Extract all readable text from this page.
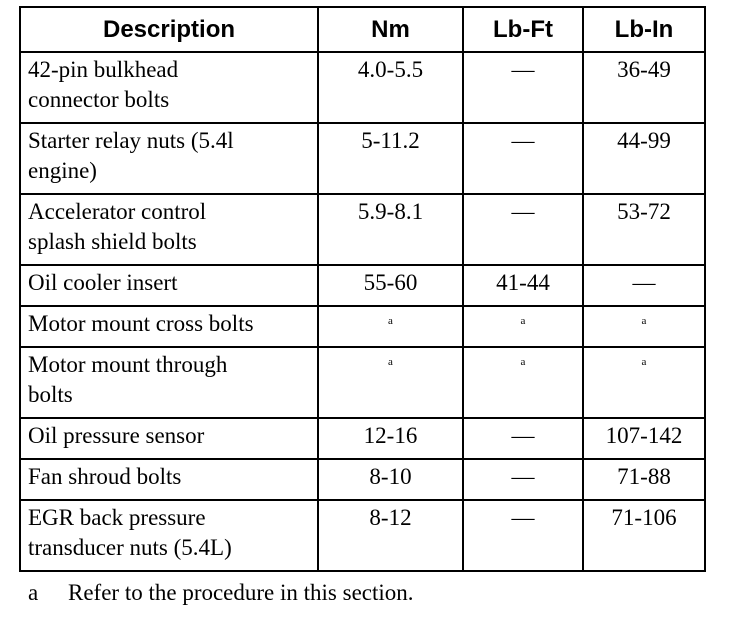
Description	Nm	Lb-Ft	Lb-In
42-pin bulkhead
connector bolts	4.0-5.5	—	36-49
Starter relay nuts (5.4l
engine)	5-11.2	—	44-99
Accelerator control
splash shield bolts	5.9-8.1	—	53-72
Oil cooler insert	55-60	41-44	—
Motor mount cross bolts	$^a$	$^a$	$^a$
Motor mount through
bolts	$^a$	$^a$	$^a$
Oil pressure sensor	12-16	—	107-142
Fan shroud bolts	8-10	—	71-88
EGR back pressure
transducer nuts (5.4L)	8-12	—	71-106
a Refer to the procedure in this section.
